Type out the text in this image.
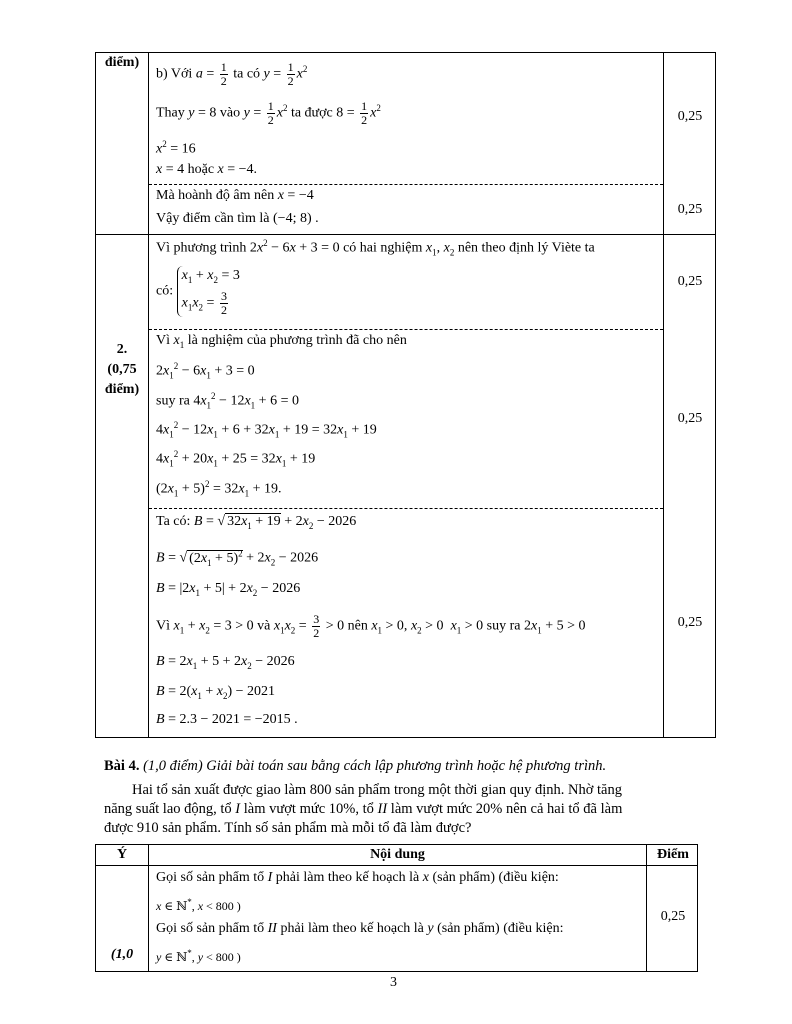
điểm)
2.
(0,75
điểm)
0,25
0,25
0,25
0,25
0,25
b) Với $a = \frac{1}{2}$ ta có $y = \frac{1}{2} x^2$
Thay y = 8 vào $y = \frac{1}{2} x^2$ ta được $8 = \frac{1}{2} x^2$
$x^2 = 16$
x = 4 hoặc x = −4.
Mà hoành độ âm nên x = −4
Vậy điểm cần tìm là (−4; 8) .
Vì phương trình $2x^2 - 6x + 3 = 0$ có hai nghiệm $x_1$, $x_2$ nên theo định lý Viète ta
có:
$x_1 + x_2 = 3$
$x_1x_2 = \frac{3}{2}$
Vì $x_1$ là nghiệm của phương trình đã cho nên
$2x_1^2 - 6x_1 + 3 = 0$
suy ra $4x_1^2 - 12x_1 + 6 = 0$
$4x_1^2 - 12x_1 + 6 + 32x_1 + 19 = 32x_1 + 19$
$4x_1^2 + 20x_1 + 25 = 32x_1 + 19$
$(2x_1 + 5)^2 = 32x_1 + 19$.
Ta có: B = √ $32x_1 + 19 + 2x_2 - 2026$
B = √ $(2x_1 + 5)^2 + 2x_2 - 2026$
$B = |2x_1 + 5| + 2x_2 - 2026$
Vì $x_1 + x_2 = 3 > 0$ và $x_1x_2 = \frac{3}{2} > 0$ nên $x_1 > 0$, $x_2 > 0$  $x_1 > 0$ suy ra $2x_1 + 5 > 0$
$B = 2x_1 + 5 + 2x_2 - 2026$
$B = 2(x_1 + x_2) - 2021$
B = 2.3 − 2021 = −2015 .
Bài 4. (1,0 điểm) Giải bài toán sau bằng cách lập phương trình hoặc hệ phương trình.
Hai tổ sản xuất được giao làm 800 sản phẩm trong một thời gian quy định. Nhờ tăng
năng suất lao động, tổ I làm vượt mức 10%, tổ II làm vượt mức 20% nên cả hai tổ đã làm
được 910 sản phẩm. Tính số sản phẩm mà mỗi tổ đã làm được?
Ý	Nội dung	Điểm
(1,0
0,25
Gọi số sản phẩm tổ I phải làm theo kế hoạch là x (sản phẩm) (điều kiện:
x ∈ ℕ*, x < 800 )
Gọi số sản phẩm tổ II phải làm theo kế hoạch là y (sản phẩm) (điều kiện:
y ∈ ℕ*, y < 800 )
3
